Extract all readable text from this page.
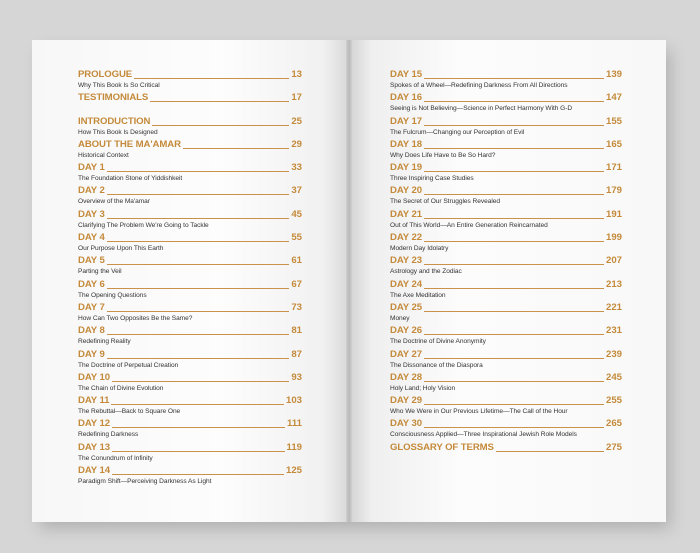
PROLOGUE	13
Why This Book Is So Critical
TESTIMONIALS	17
INTRODUCTION	25
How This Book Is Designed
ABOUT THE MA'AMAR	29
Historical Context
DAY 1	33
The Foundation Stone of Yiddishkeit
DAY 2	37
Overview of the Ma'amar
DAY 3	45
Clarifying The Problem We're Going to Tackle
DAY 4	55
Our Purpose Upon This Earth
DAY 5	61
Parting the Veil
DAY 6	67
The Opening Questions
DAY 7	73
How Can Two Opposites Be the Same?
DAY 8	81
Redefining Reality
DAY 9	87
The Doctrine of Perpetual Creation
DAY 10	93
The Chain of Divine Evolution
DAY 11	103
The Rebuttal—Back to Square One
DAY 12	111
Redefining Darkness
DAY 13	119
The Conundrum of Infinity
DAY 14	125
Paradigm Shift—Perceiving Darkness As Light
DAY 15	139
Spokes of a Wheel—Redefining Darkness From All Directions
DAY 16	147
Seeing is Not Believing—Science in Perfect Harmony With G-D
DAY 17	155
The Fulcrum—Changing our Perception of Evil
DAY 18	165
Why Does Life Have to Be So Hard?
DAY 19	171
Three Inspiring Case Studies
DAY 20	179
The Secret of Our Struggles Revealed
DAY 21	191
Out of This World—An Entire Generation Reincarnated
DAY 22	199
Modern Day Idolatry
DAY 23	207
Astrology and the Zodiac
DAY 24	213
The Axe Meditation
DAY 25	221
Money
DAY 26	231
The Doctrine of Divine Anonymity
DAY 27	239
The Dissonance of the Diaspora
DAY 28	245
Holy Land; Holy Vision
DAY 29	255
Who We Were in Our Previous Lifetime—The Call of the Hour
DAY 30	265
Consciousness Applied—Three Inspirational Jewish Role Models
GLOSSARY OF TERMS	275
